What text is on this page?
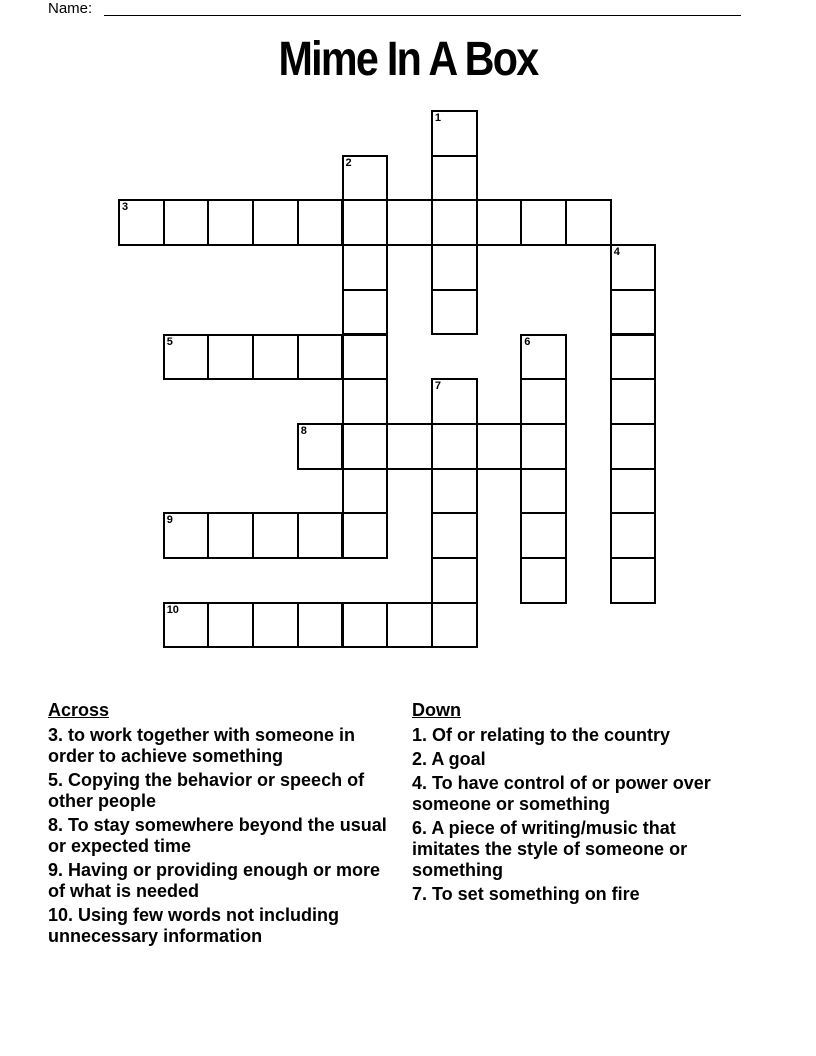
Name:
Mime In A Box
1
2
3
4
5	6
7
8
9
10
Across
3. to work together with someone in order to achieve something
5. Copying the behavior or speech of other people
8. To stay somewhere beyond the usual or expected time
9. Having or providing enough or more of what is needed
10. Using few words not including unnecessary information
Down
1. Of or relating to the country
2. A goal
4. To have control of or power over someone or something
6. A piece of writing/music that imitates the style of someone or something
7. To set something on fire
